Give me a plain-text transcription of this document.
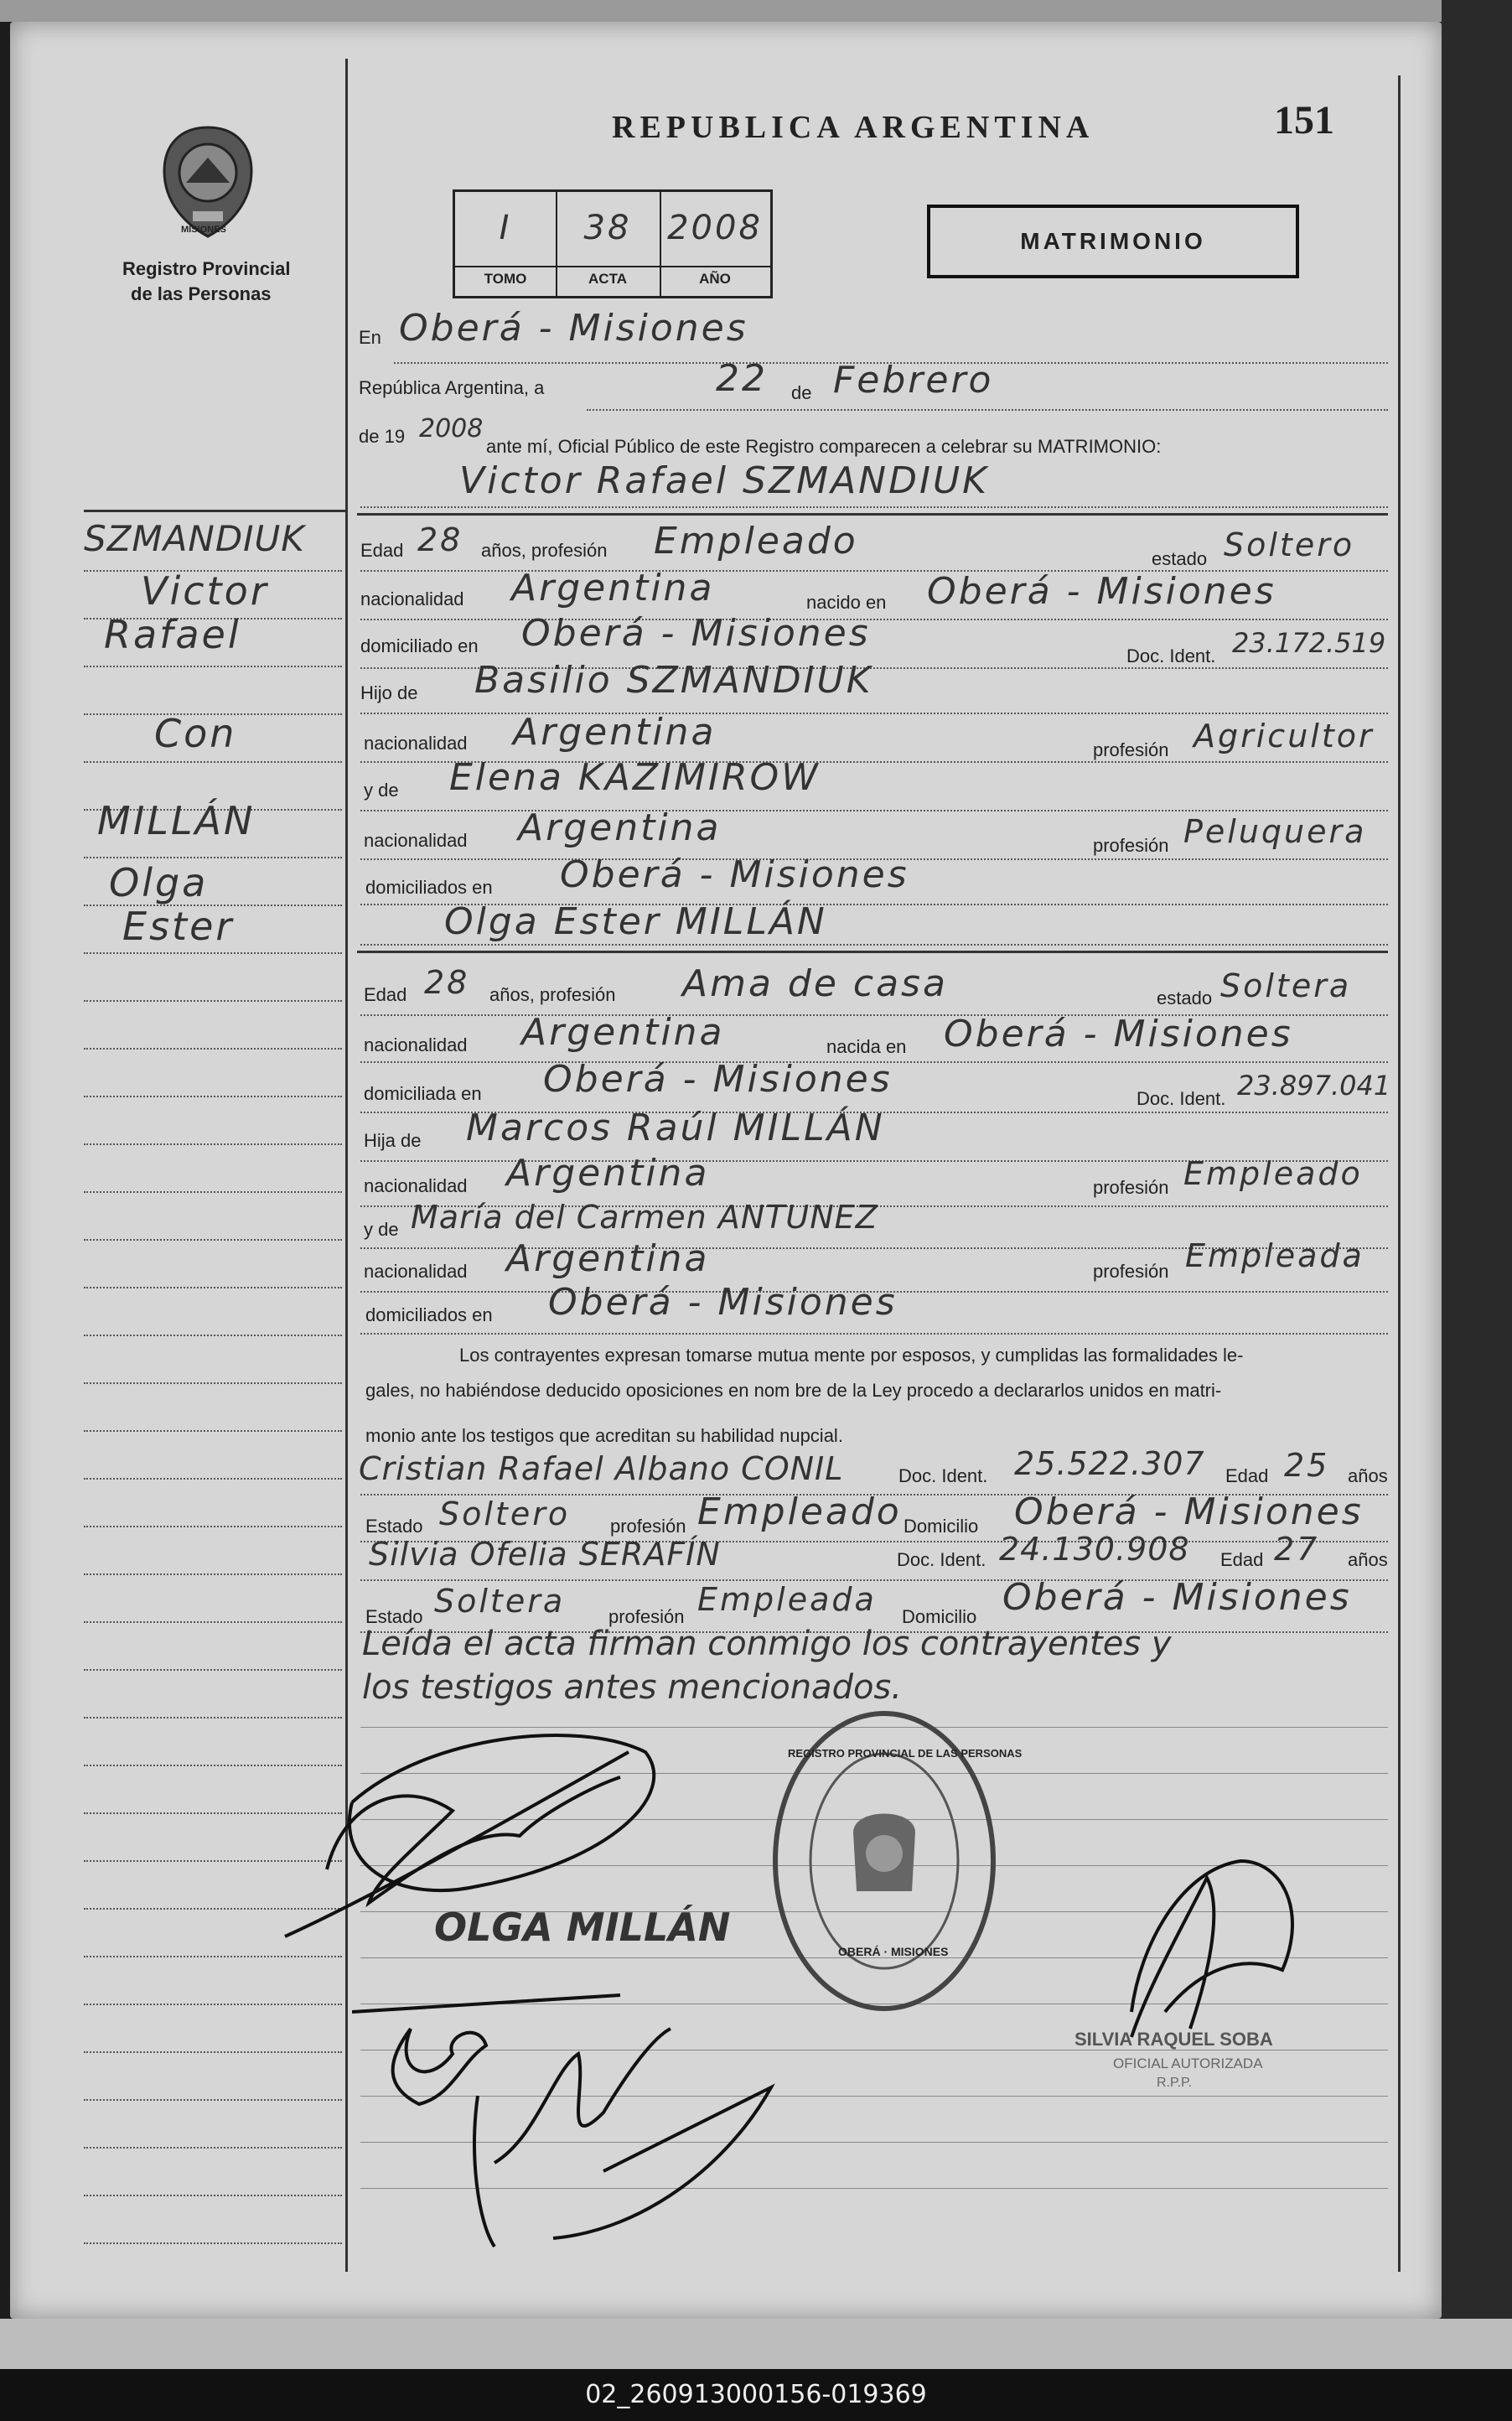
MISIONES
Registro Provincial
de las Personas
REPUBLICA ARGENTINA	151
I
TOMO
38
ACTA
2008
AÑO
MATRIMONIO
SZMANDIUK
Victor
Rafael
Con
MILLÁN
Olga
Ester
En Oberá - Misiones
República Argentina, a	22 de Febrero
de 19 2008
ante mí, Oficial Público de este Registro comparecen a celebrar su MATRIMONIO:
Victor Rafael SZMANDIUK
Edad 28 años, profesión Empleado	estado Soltero
nacionalidad Argentina	nacido en Oberá - Misiones
domiciliado en Oberá - Misiones
Doc. Ident. 23.172.519
Hijo de Basilio SZMANDIUK
nacionalidad Argentina	profesión Agricultor
y de Elena KAZIMIROW
nacionalidad Argentina	profesión Peluquera
domiciliados en Oberá - Misiones
Olga Ester MILLÁN
Edad 28 años, profesión Ama de casa	estado Soltera
nacionalidad Argentina	nacida en Oberá - Misiones
domiciliada en Oberá - Misiones	Doc. Ident. 23.897.041
Hija de Marcos Raúl MILLÁN
nacionalidad Argentina	profesión Empleado
y de María del Carmen ANTUNEZ
nacionalidad Argentina	profesión Empleada
domiciliados en Oberá - Misiones
Los contrayentes expresan tomarse mutua mente por esposos, y cumplidas las formalidades le-
gales, no habiéndose deducido oposiciones en nom bre de la Ley procedo a declararlos unidos en matri-
monio ante los testigos que acreditan su habilidad nupcial.
Cristian Rafael Albano CONIL	Doc. Ident. 25.522.307 Edad 25 años
Estado Soltero profesión Empleado Domicilio Oberá - Misiones
Silvia Ofelia SERAFÍN	Doc. Ident. 24.130.908 Edad 27 años
Estado Soltera profesión Empleada Domicilio Oberá - Misiones
Leída el acta firman conmigo los contrayentes y
los testigos antes mencionados.
OLGA MILLÁN
REGISTRO PROVINCIAL DE LAS PERSONAS
OBERÁ · MISIONES
SILVIA RAQUEL SOBA
OFICIAL AUTORIZADA
R.P.P.
02_260913000156-019369
